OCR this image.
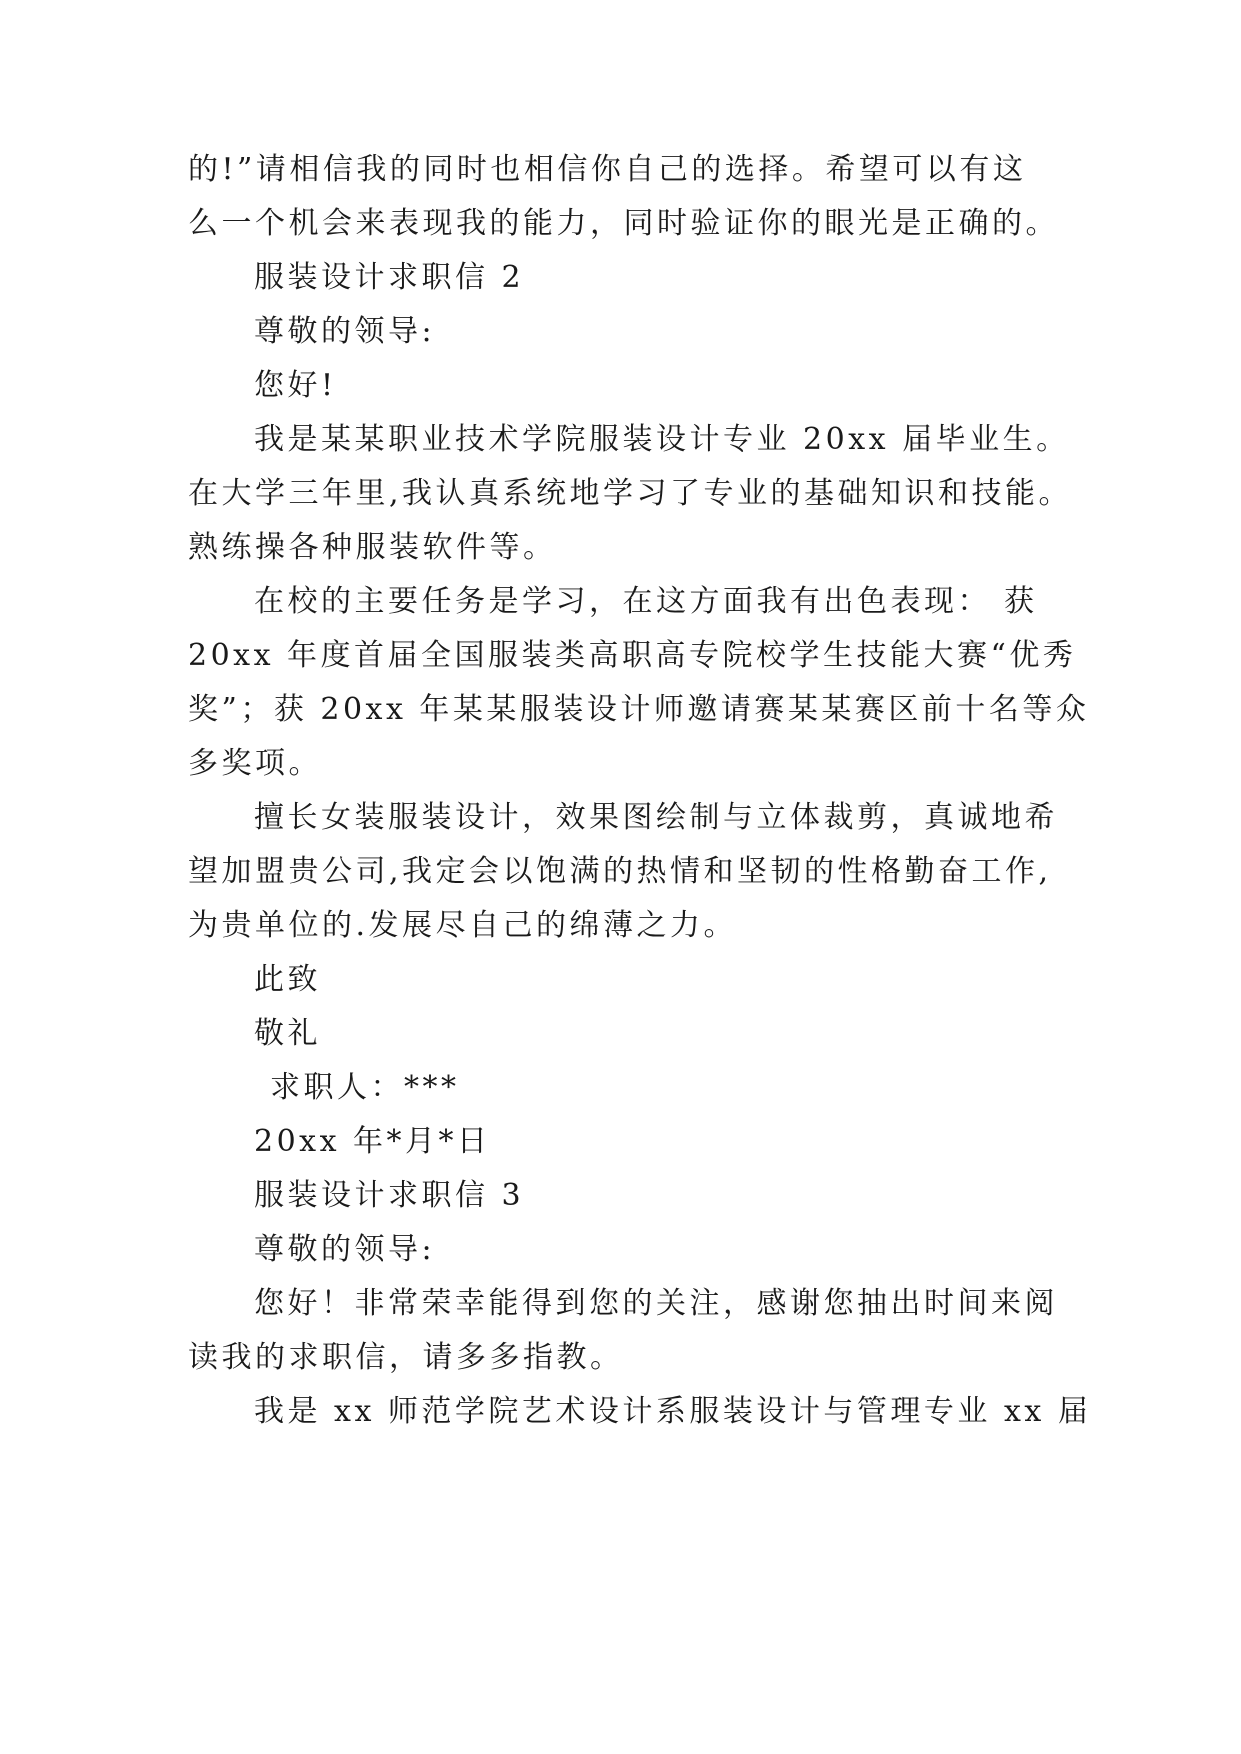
的!”请相信我的同时也相信你自己的选择。希望可以有这
么一个机会来表现我的能力，同时验证你的眼光是正确的。
服装设计求职信 2
尊敬的领导:
您好!
我是某某职业技术学院服装设计专业 20xx 届毕业生。
在大学三年里,我认真系统地学习了专业的基础知识和技能。
熟练操各种服装软件等。
在校的主要任务是学习，在这方面我有出色表现： 获
20xx 年度首届全国服装类高职高专院校学生技能大赛“优秀
奖”；获 20xx 年某某服装设计师邀请赛某某赛区前十名等众
多奖项。
擅长女装服装设计，效果图绘制与立体裁剪，真诚地希
望加盟贵公司,我定会以饱满的热情和坚韧的性格勤奋工作,
为贵单位的.发展尽自己的绵薄之力。
此致
敬礼
求职人：***
20xx 年*月*日
服装设计求职信 3
尊敬的领导:
您好！非常荣幸能得到您的关注，感谢您抽出时间来阅
读我的求职信，请多多指教。
我是 xx 师范学院艺术设计系服装设计与管理专业 xx 届
